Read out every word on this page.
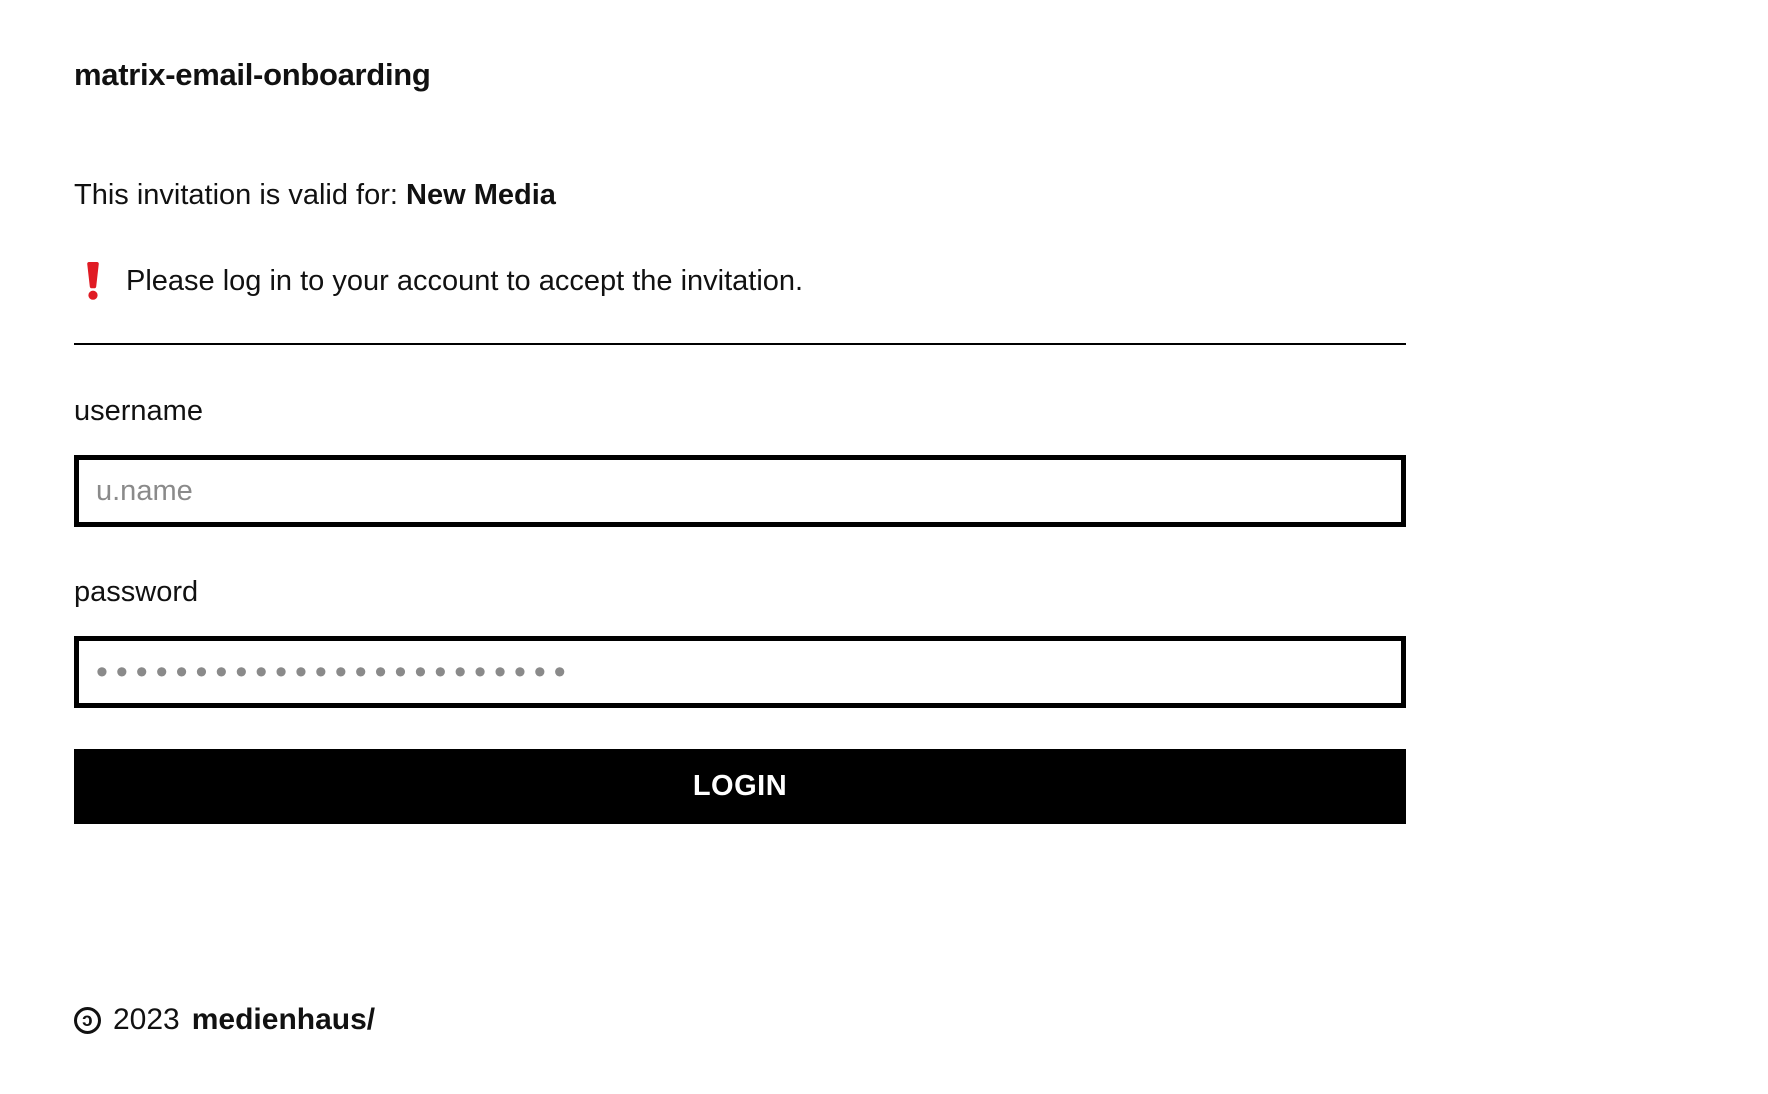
matrix-email-onboarding

This invitation is valid for: New Media

Please log in to your account to accept the invitation.
username
u.name
password
••••••••••••••••••••••••
LOGIN
c 2023 medienhaus/
